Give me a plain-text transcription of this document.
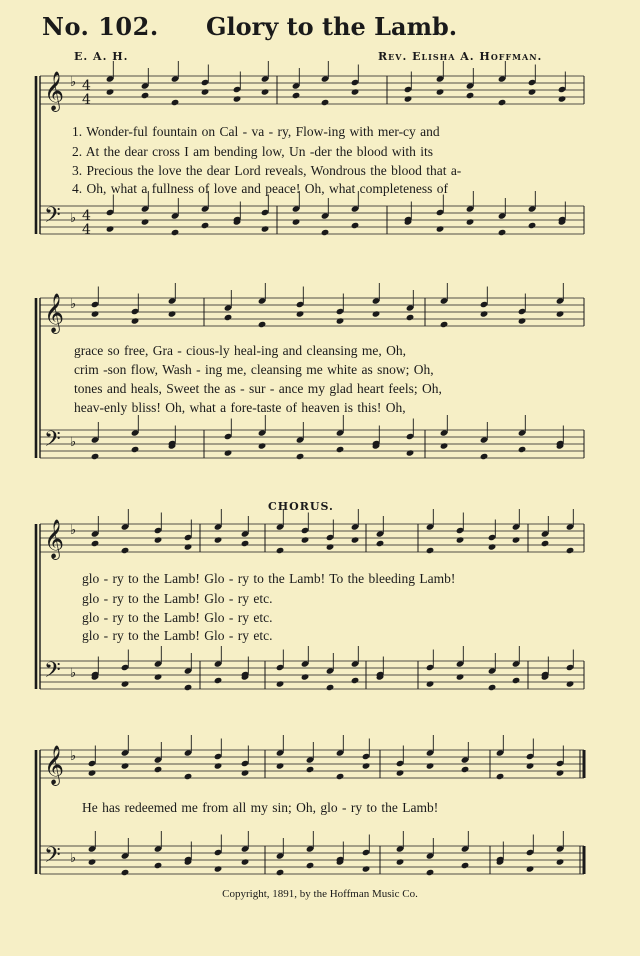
No. 102. Glory to the Lamb.
E. A. H.	Rev. Elisha A. Hoffman.
𝄞
𝄢
♭
♭
4
4
4
4
𝄞
𝄢
♭
♭
𝄞
𝄢
♭
♭
𝄞
𝄢
♭
♭
1. Wonder-ful fountain on Cal - va - ry, Flow-ing with mer-cy and
2. At the dear cross I am bending low, Un -der the blood with its
3. Precious the love the dear Lord reveals, Wondrous the blood that a-
4. Oh, what a fullness of love and peace! Oh, what completeness of
grace so free, Gra - cious-ly heal-ing and cleansing me, Oh,
crim -son flow, Wash - ing me, cleansing me white as snow; Oh,
tones and heals, Sweet the as - sur - ance my glad heart feels; Oh,
heav-enly bliss! Oh, what a fore-taste of heaven is this! Oh,
CHORUS.
glo - ry to the Lamb! Glo - ry to the Lamb! To the bleeding Lamb!
glo - ry to the Lamb! Glo - ry etc.
glo - ry to the Lamb! Glo - ry etc.
glo - ry to the Lamb! Glo - ry etc.
He has redeemed me from all my sin; Oh, glo - ry to the Lamb!
Copyright, 1891, by the Hoffman Music Co.
